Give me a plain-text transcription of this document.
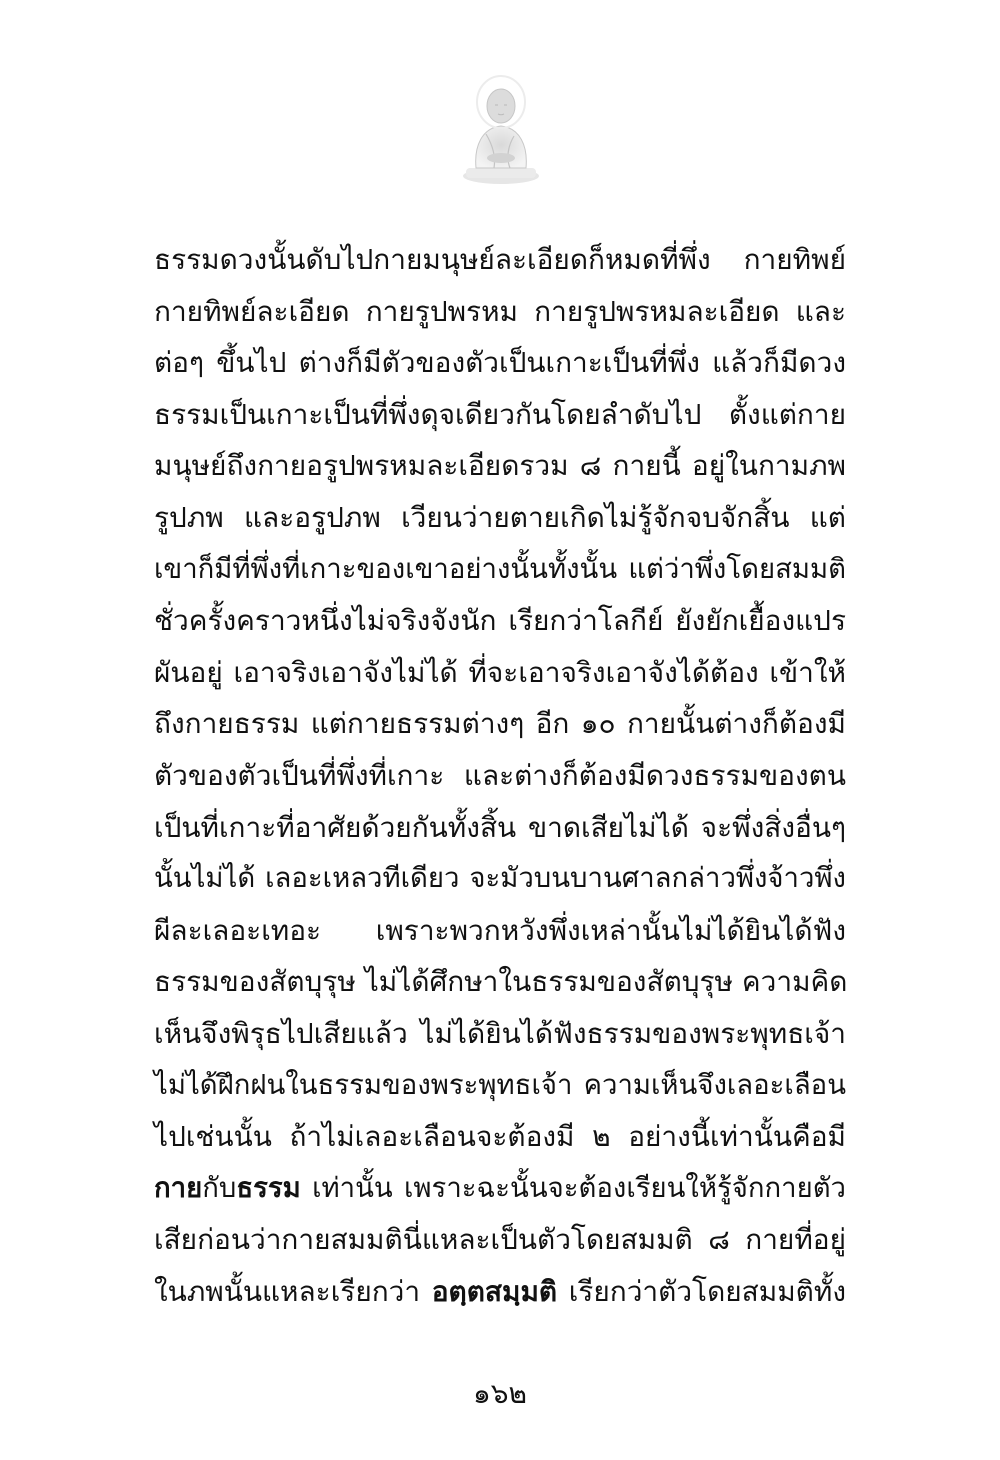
ธรรมดวงนั้นดับไปกายมนุษย์ละเอียดก็หมดที่พึ่ง กายทิพย์
กายทิพย์ละเอียด กายรูปพรหม กายรูปพรหมละเอียด และ
ต่อๆ ขึ้นไป ต่างก็มีตัวของตัวเป็นเกาะเป็นที่พึ่ง แล้วก็มีดวง
ธรรมเป็นเกาะเป็นที่พึ่งดุจเดียวกันโดยลำดับไป ตั้งแต่กาย
มนุษย์ถึงกายอรูปพรหมละเอียดรวม ๘ กายนี้ อยู่ในกามภพ
รูปภพ และอรูปภพ เวียนว่ายตายเกิดไม่รู้จักจบจักสิ้น แต่
เขาก็มีที่พึ่งที่เกาะของเขาอย่างนั้นทั้งนั้น แต่ว่าพึ่งโดยสมมติ
ชั่วครั้งคราวหนึ่งไม่จริงจังนัก เรียกว่าโลกีย์ ยังยักเยื้องแปร
ผันอยู่ เอาจริงเอาจังไม่ได้ ที่จะเอาจริงเอาจังได้ต้อง เข้าให้
ถึงกายธรรม แต่กายธรรมต่างๆ อีก ๑๐ กายนั้นต่างก็ต้องมี
ตัวของตัวเป็นที่พึ่งที่เกาะ และต่างก็ต้องมีดวงธรรมของตน
เป็นที่เกาะที่อาศัยด้วยกันทั้งสิ้น ขาดเสียไม่ได้ จะพึ่งสิ่งอื่นๆ
นั้นไม่ได้ เลอะเหลวทีเดียว จะมัวบนบานศาลกล่าวพึ่งจ้าวพึ่ง
ผีละเลอะเทอะ เพราะพวกหวังพึ่งเหล่านั้นไม่ได้ยินได้ฟัง
ธรรมของสัตบุรุษ ไม่ได้ศึกษาในธรรมของสัตบุรุษ ความคิด
เห็นจึงพิรุธไปเสียแล้ว ไม่ได้ยินได้ฟังธรรมของพระพุทธเจ้า
ไม่ได้ฝึกฝนในธรรมของพระพุทธเจ้า ความเห็นจึงเลอะเลือน
ไปเช่นนั้น ถ้าไม่เลอะเลือนจะต้องมี ๒ อย่างนี้เท่านั้นคือมี
กายกับธรรม เท่านั้น เพราะฉะนั้นจะต้องเรียนให้รู้จักกายตัว
เสียก่อนว่ากายสมมตินี่แหละเป็นตัวโดยสมมติ ๘ กายที่อยู่
ในภพนั้นแหละเรียกว่า อตฺตสมฺมติ เรียกว่าตัวโดยสมมติทั้ง
๑๖๒
